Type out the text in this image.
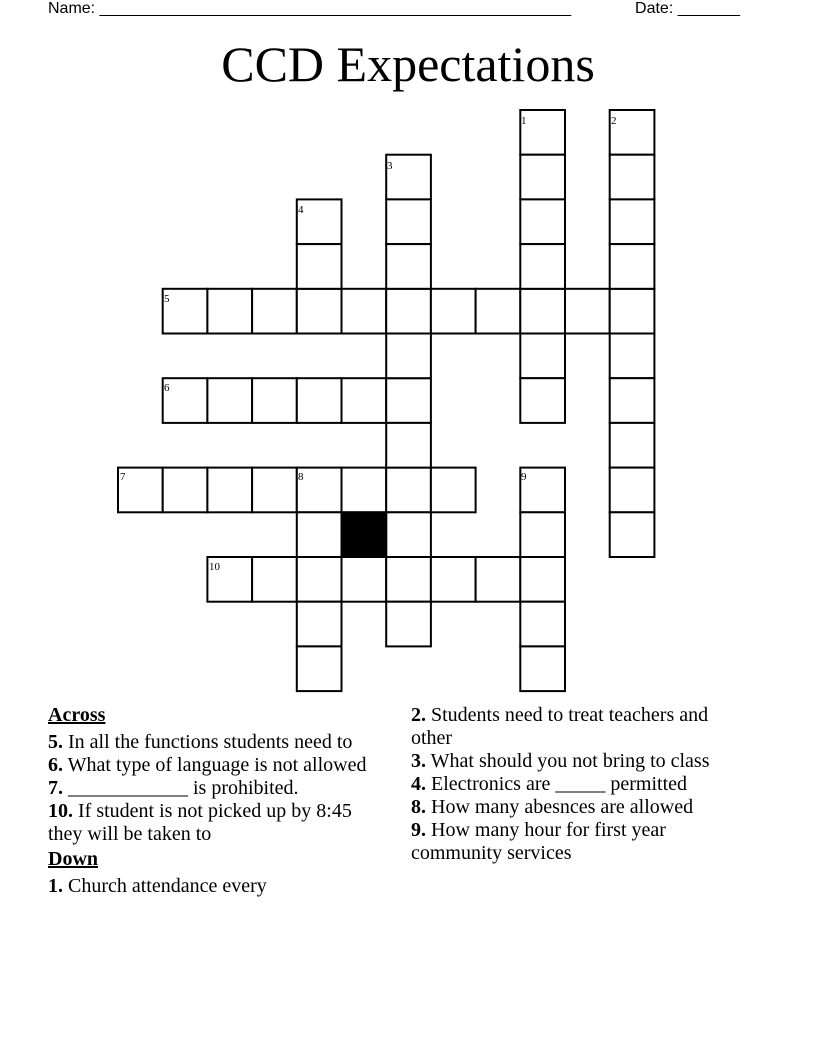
Name: _____________________________________________________	Date: _______
CCD Expectations
1	2
3
4
5
6
7	8	9
10
Across

5. In all the functions students need to

6. What type of language is not allowed

7. ____________ is prohibited.

10. If student is not picked up by 8:45 they will be taken to

Down

1. Church attendance every

2. Students need to treat teachers and other

3. What should you not bring to class

4. Electronics are _____ permitted

8. How many abesnces are allowed

9. How many hour for first year community services
